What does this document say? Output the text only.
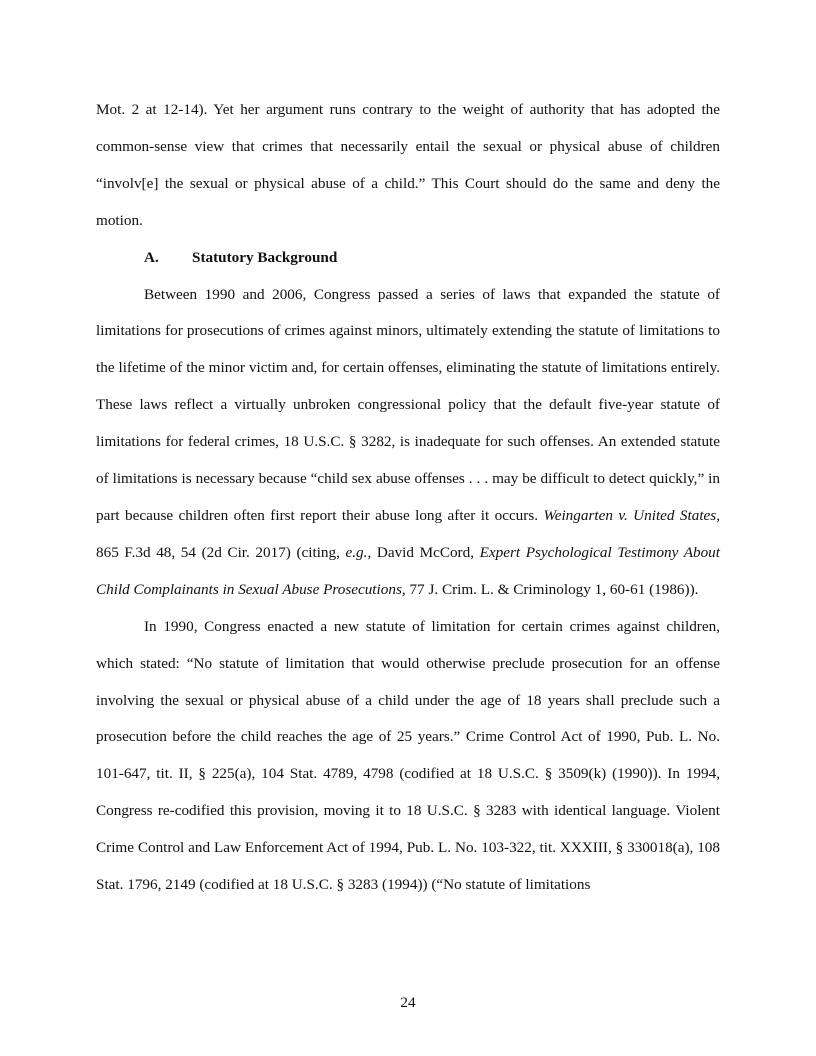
Mot. 2 at 12-14). Yet her argument runs contrary to the weight of authority that has adopted the common-sense view that crimes that necessarily entail the sexual or physical abuse of children “involv[e] the sexual or physical abuse of a child.” This Court should do the same and deny the motion.

A. Statutory Background

Between 1990 and 2006, Congress passed a series of laws that expanded the statute of limitations for prosecutions of crimes against minors, ultimately extending the statute of limitations to the lifetime of the minor victim and, for certain offenses, eliminating the statute of limitations entirely. These laws reflect a virtually unbroken congressional policy that the default five-year statute of limitations for federal crimes, 18 U.S.C. § 3282, is inadequate for such offenses. An extended statute of limitations is necessary because “child sex abuse offenses . . . may be difficult to detect quickly,” in part because children often first report their abuse long after it occurs. Weingarten v. United States, 865 F.3d 48, 54 (2d Cir. 2017) (citing, e.g., David McCord, Expert Psychological Testimony About Child Complainants in Sexual Abuse Prosecutions, 77 J. Crim. L. & Criminology 1, 60-61 (1986)).

In 1990, Congress enacted a new statute of limitation for certain crimes against children, which stated: “No statute of limitation that would otherwise preclude prosecution for an offense involving the sexual or physical abuse of a child under the age of 18 years shall preclude such a prosecution before the child reaches the age of 25 years.” Crime Control Act of 1990, Pub. L. No. 101-647, tit. II, § 225(a), 104 Stat. 4789, 4798 (codified at 18 U.S.C. § 3509(k) (1990)). In 1994, Congress re-codified this provision, moving it to 18 U.S.C. § 3283 with identical language. Violent Crime Control and Law Enforcement Act of 1994, Pub. L. No. 103-322, tit. XXXIII, § 330018(a), 108 Stat. 1796, 2149 (codified at 18 U.S.C. § 3283 (1994)) (“No statute of limitations

24
